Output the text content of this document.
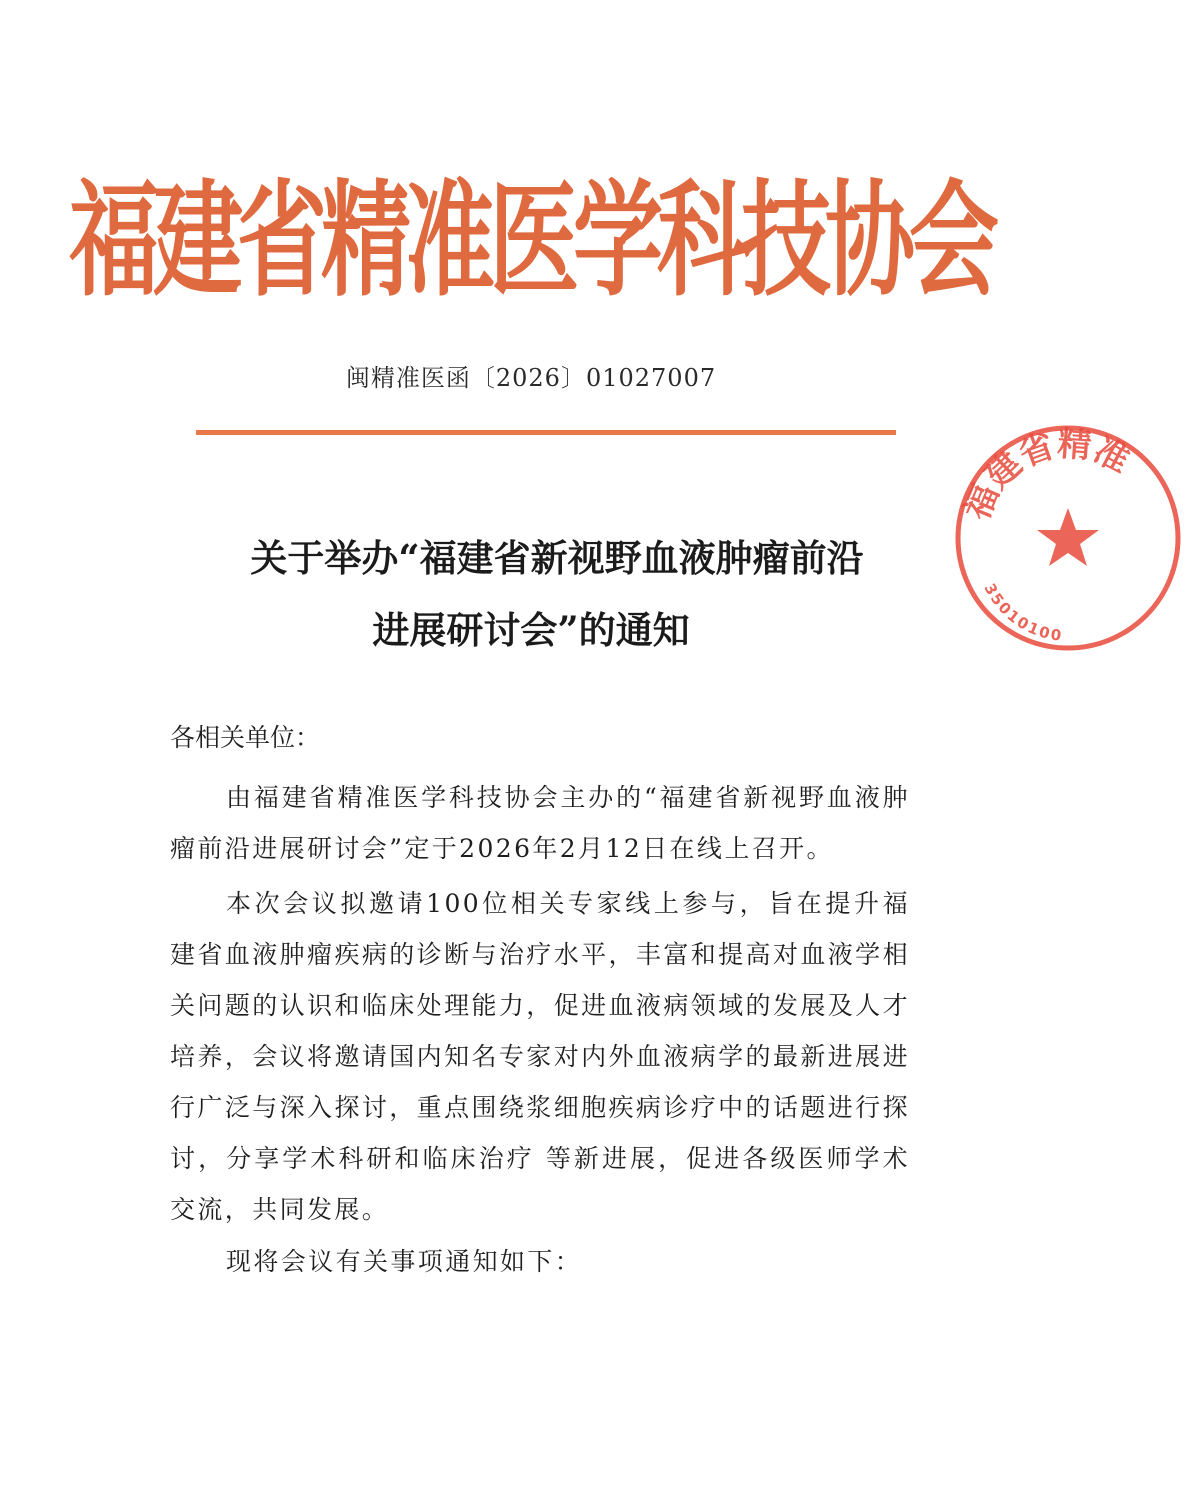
福建省精准医学科技协会
闽精准医函〔2026〕01027007
福建省精准
35010100
关于举办“福建省新视野血液肿瘤前沿
进展研讨会”的通知
各相关单位：
由福建省精准医学科技协会主办的“福建省新视野血液肿瘤前沿进展研讨会”定于2026年2月12日在线上召开。
本次会议拟邀请100位相关专家线上参与，旨在提升福建省血液肿瘤疾病的诊断与治疗水平，丰富和提高对血液学相关问题的认识和临床处理能力，促进血液病领域的发展及人才培养，会议将邀请国内知名专家对内外血液病学的最新进展进行广泛与深入探讨，重点围绕浆细胞疾病诊疗中的话题进行探讨，分享学术科研和临床治疗 等新进展，促进各级医师学术交流，共同发展。
现将会议有关事项通知如下：
